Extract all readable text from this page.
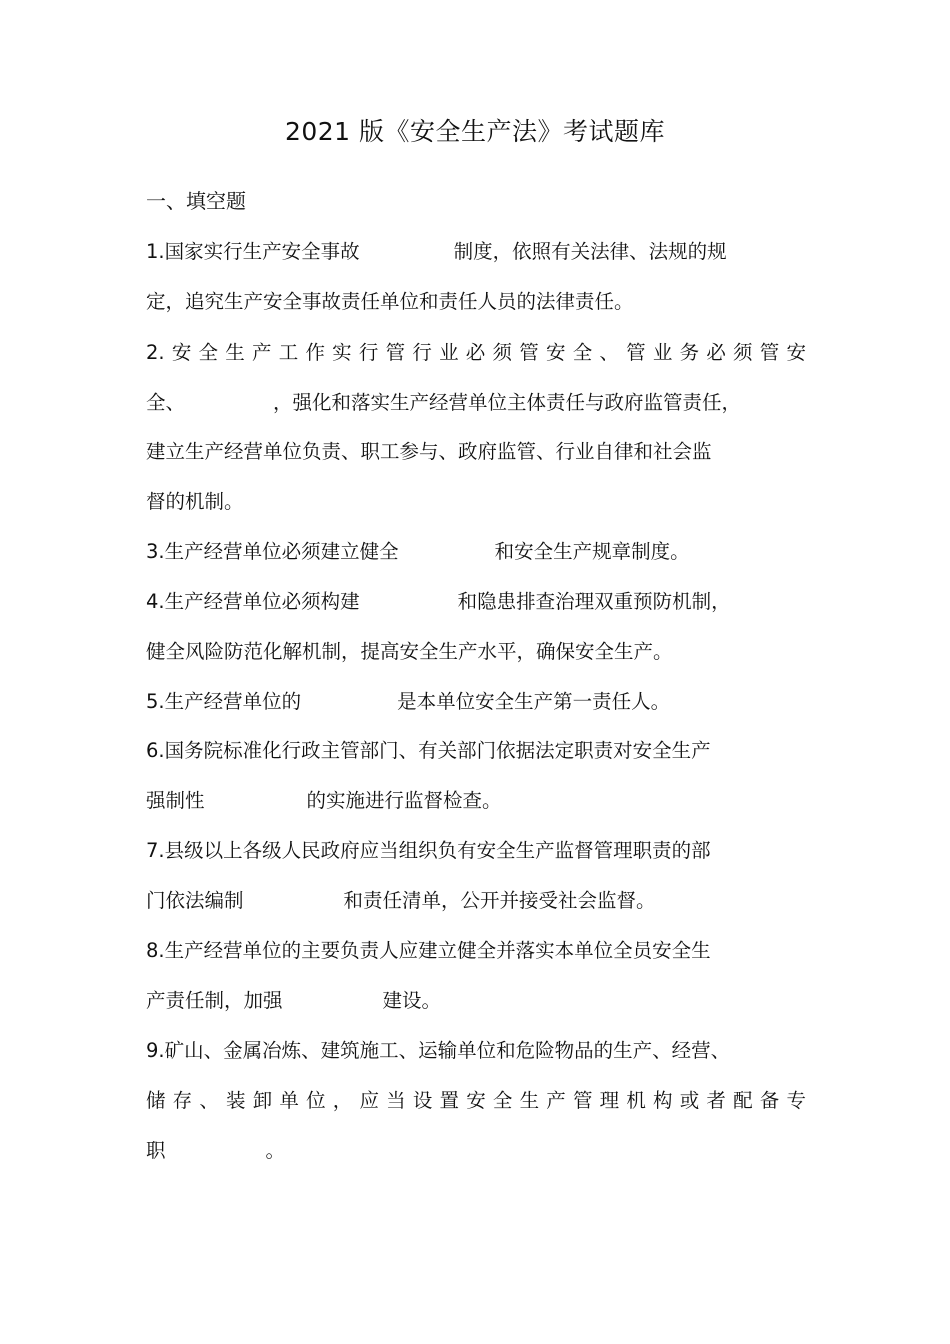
2021 版《安全生产法》考试题库
一、填空题
1.国家实行生产安全事故	制度，依照有关法律、法规的规
定，追究生产安全事故责任单位和责任人员的法律责任。
2.安全生产工作实行管行业必须管安全、管业务必须管安
全、	，强化和落实生产经营单位主体责任与政府监管责任，
建立生产经营单位负责、职工参与、政府监管、行业自律和社会监
督的机制。
3.生产经营单位必须建立健全	和安全生产规章制度。
4.生产经营单位必须构建	和隐患排查治理双重预防机制，
健全风险防范化解机制，提高安全生产水平，确保安全生产。
5.生产经营单位的	是本单位安全生产第一责任人。
6.国务院标准化行政主管部门、有关部门依据法定职责对安全生产
强制性	的实施进行监督检查。
7.县级以上各级人民政府应当组织负有安全生产监督管理职责的部
门依法编制	和责任清单，公开并接受社会监督。
8.生产经营单位的主要负责人应建立健全并落实本单位全员安全生
产责任制，加强	建设。
9.矿山、金属冶炼、建筑施工、运输单位和危险物品的生产、经营、
储存、装卸单位，应当设置安全生产管理机构或者配备专
职	。
